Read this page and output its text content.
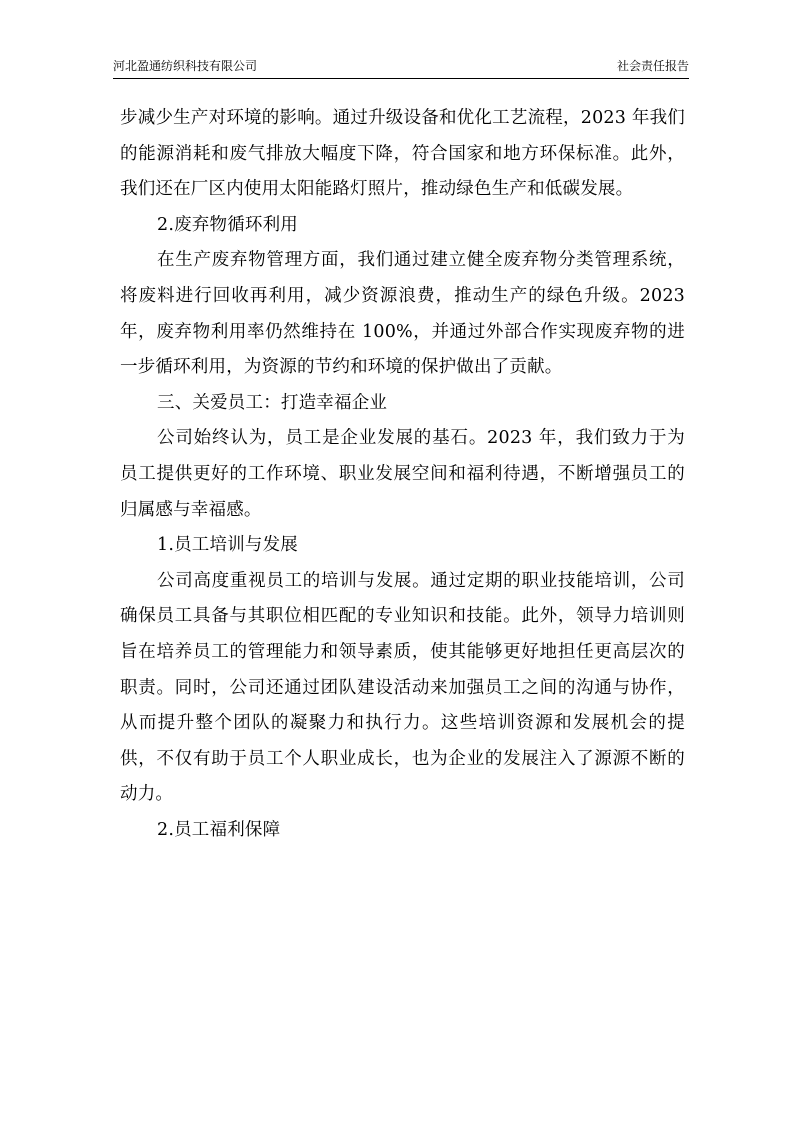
河北盈通纺织科技有限公司	社会责任报告

步减少生产对环境的影响。通过升级设备和优化工艺流程，2023 年我们的能源消耗和废气排放大幅度下降，符合国家和地方环保标准。此外，我们还在厂区内使用太阳能路灯照片，推动绿色生产和低碳发展。

2.废弃物循环利用

在生产废弃物管理方面，我们通过建立健全废弃物分类管理系统，将废料进行回收再利用，减少资源浪费，推动生产的绿色升级。2023 年，废弃物利用率仍然维持在 100%，并通过外部合作实现废弃物的进一步循环利用，为资源的节约和环境的保护做出了贡献。

三、关爱员工：打造幸福企业

公司始终认为，员工是企业发展的基石。2023 年，我们致力于为员工提供更好的工作环境、职业发展空间和福利待遇，不断增强员工的归属感与幸福感。

1.员工培训与发展

公司高度重视员工的培训与发展。通过定期的职业技能培训，公司确保员工具备与其职位相匹配的专业知识和技能。此外，领导力培训则旨在培养员工的管理能力和领导素质，使其能够更好地担任更高层次的职责。同时，公司还通过团队建设活动来加强员工之间的沟通与协作，从而提升整个团队的凝聚力和执行力。这些培训资源和发展机会的提供，不仅有助于员工个人职业成长，也为企业的发展注入了源源不断的动力。

2.员工福利保障
